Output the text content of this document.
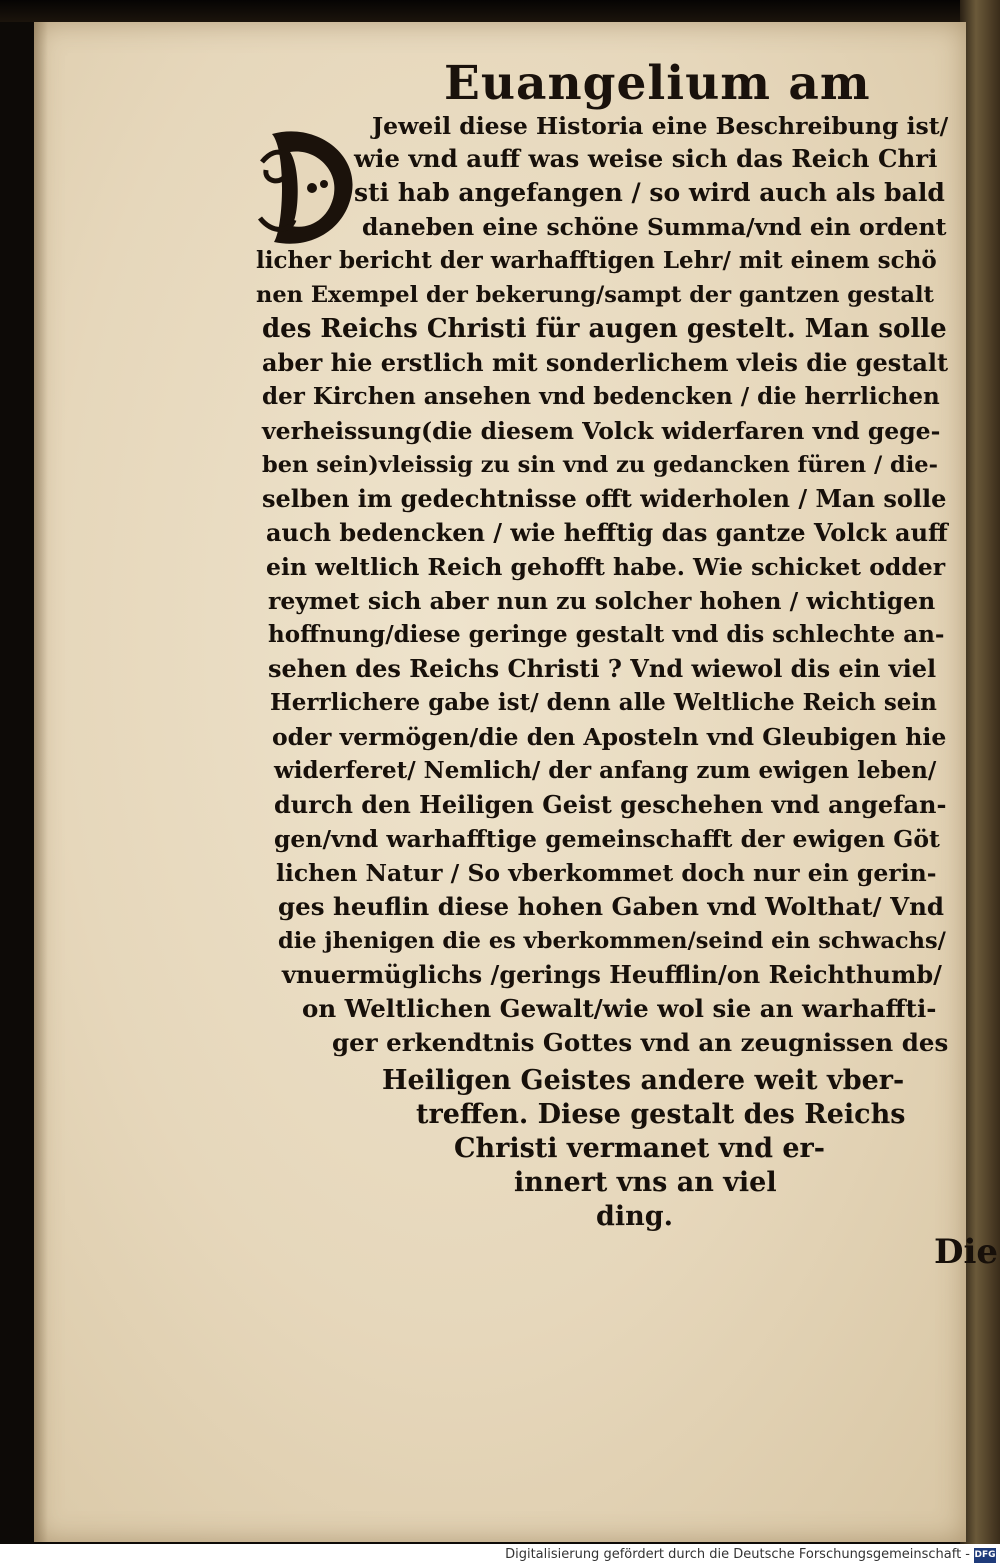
Euangelium am
Jeweil diese Historia eine Beschreibung ist/
wie vnd auff was weise sich das Reich Chri
sti hab angefangen / so wird auch als bald
daneben eine schöne Summa/vnd ein ordent
licher bericht der warhafftigen Lehr/ mit einem schö
nen Exempel der bekerung/sampt der gantzen gestalt
des Reichs Christi für augen gestelt. Man solle
aber hie erstlich mit sonderlichem vleis die gestalt
der Kirchen ansehen vnd bedencken / die herrlichen
verheissung(die diesem Volck widerfaren vnd gege-
ben sein)vleissig zu sin vnd zu gedancken füren / die-
selben im gedechtnisse offt widerholen / Man solle
auch bedencken / wie hefftig das gantze Volck auff
ein weltlich Reich gehofft habe. Wie schicket odder
reymet sich aber nun zu solcher hohen / wichtigen
hoffnung/diese geringe gestalt vnd dis schlechte an-
sehen des Reichs Christi ? Vnd wiewol dis ein viel
Herrlichere gabe ist/ denn alle Weltliche Reich sein
oder vermögen/die den Aposteln vnd Gleubigen hie
widerferet/ Nemlich/ der anfang zum ewigen leben/
durch den Heiligen Geist geschehen vnd angefan-
gen/vnd warhafftige gemeinschafft der ewigen Göt
lichen Natur / So vberkommet doch nur ein gerin-
ges heuflin diese hohen Gaben vnd Wolthat/ Vnd
die jhenigen die es vberkommen/seind ein schwachs/
vnuermüglichs /gerings Heufflin/on Reichthumb/
on Weltlichen Gewalt/wie wol sie an warhaffti-
ger erkendtnis Gottes vnd an zeugnissen des
Heiligen Geistes andere weit vber-
treffen. Diese gestalt des Reichs
Christi vermanet vnd er-
innert vns an viel
ding.
Die
Digitalisierung gefördert durch die Deutsche Forschungsgemeinschaft - DFG
